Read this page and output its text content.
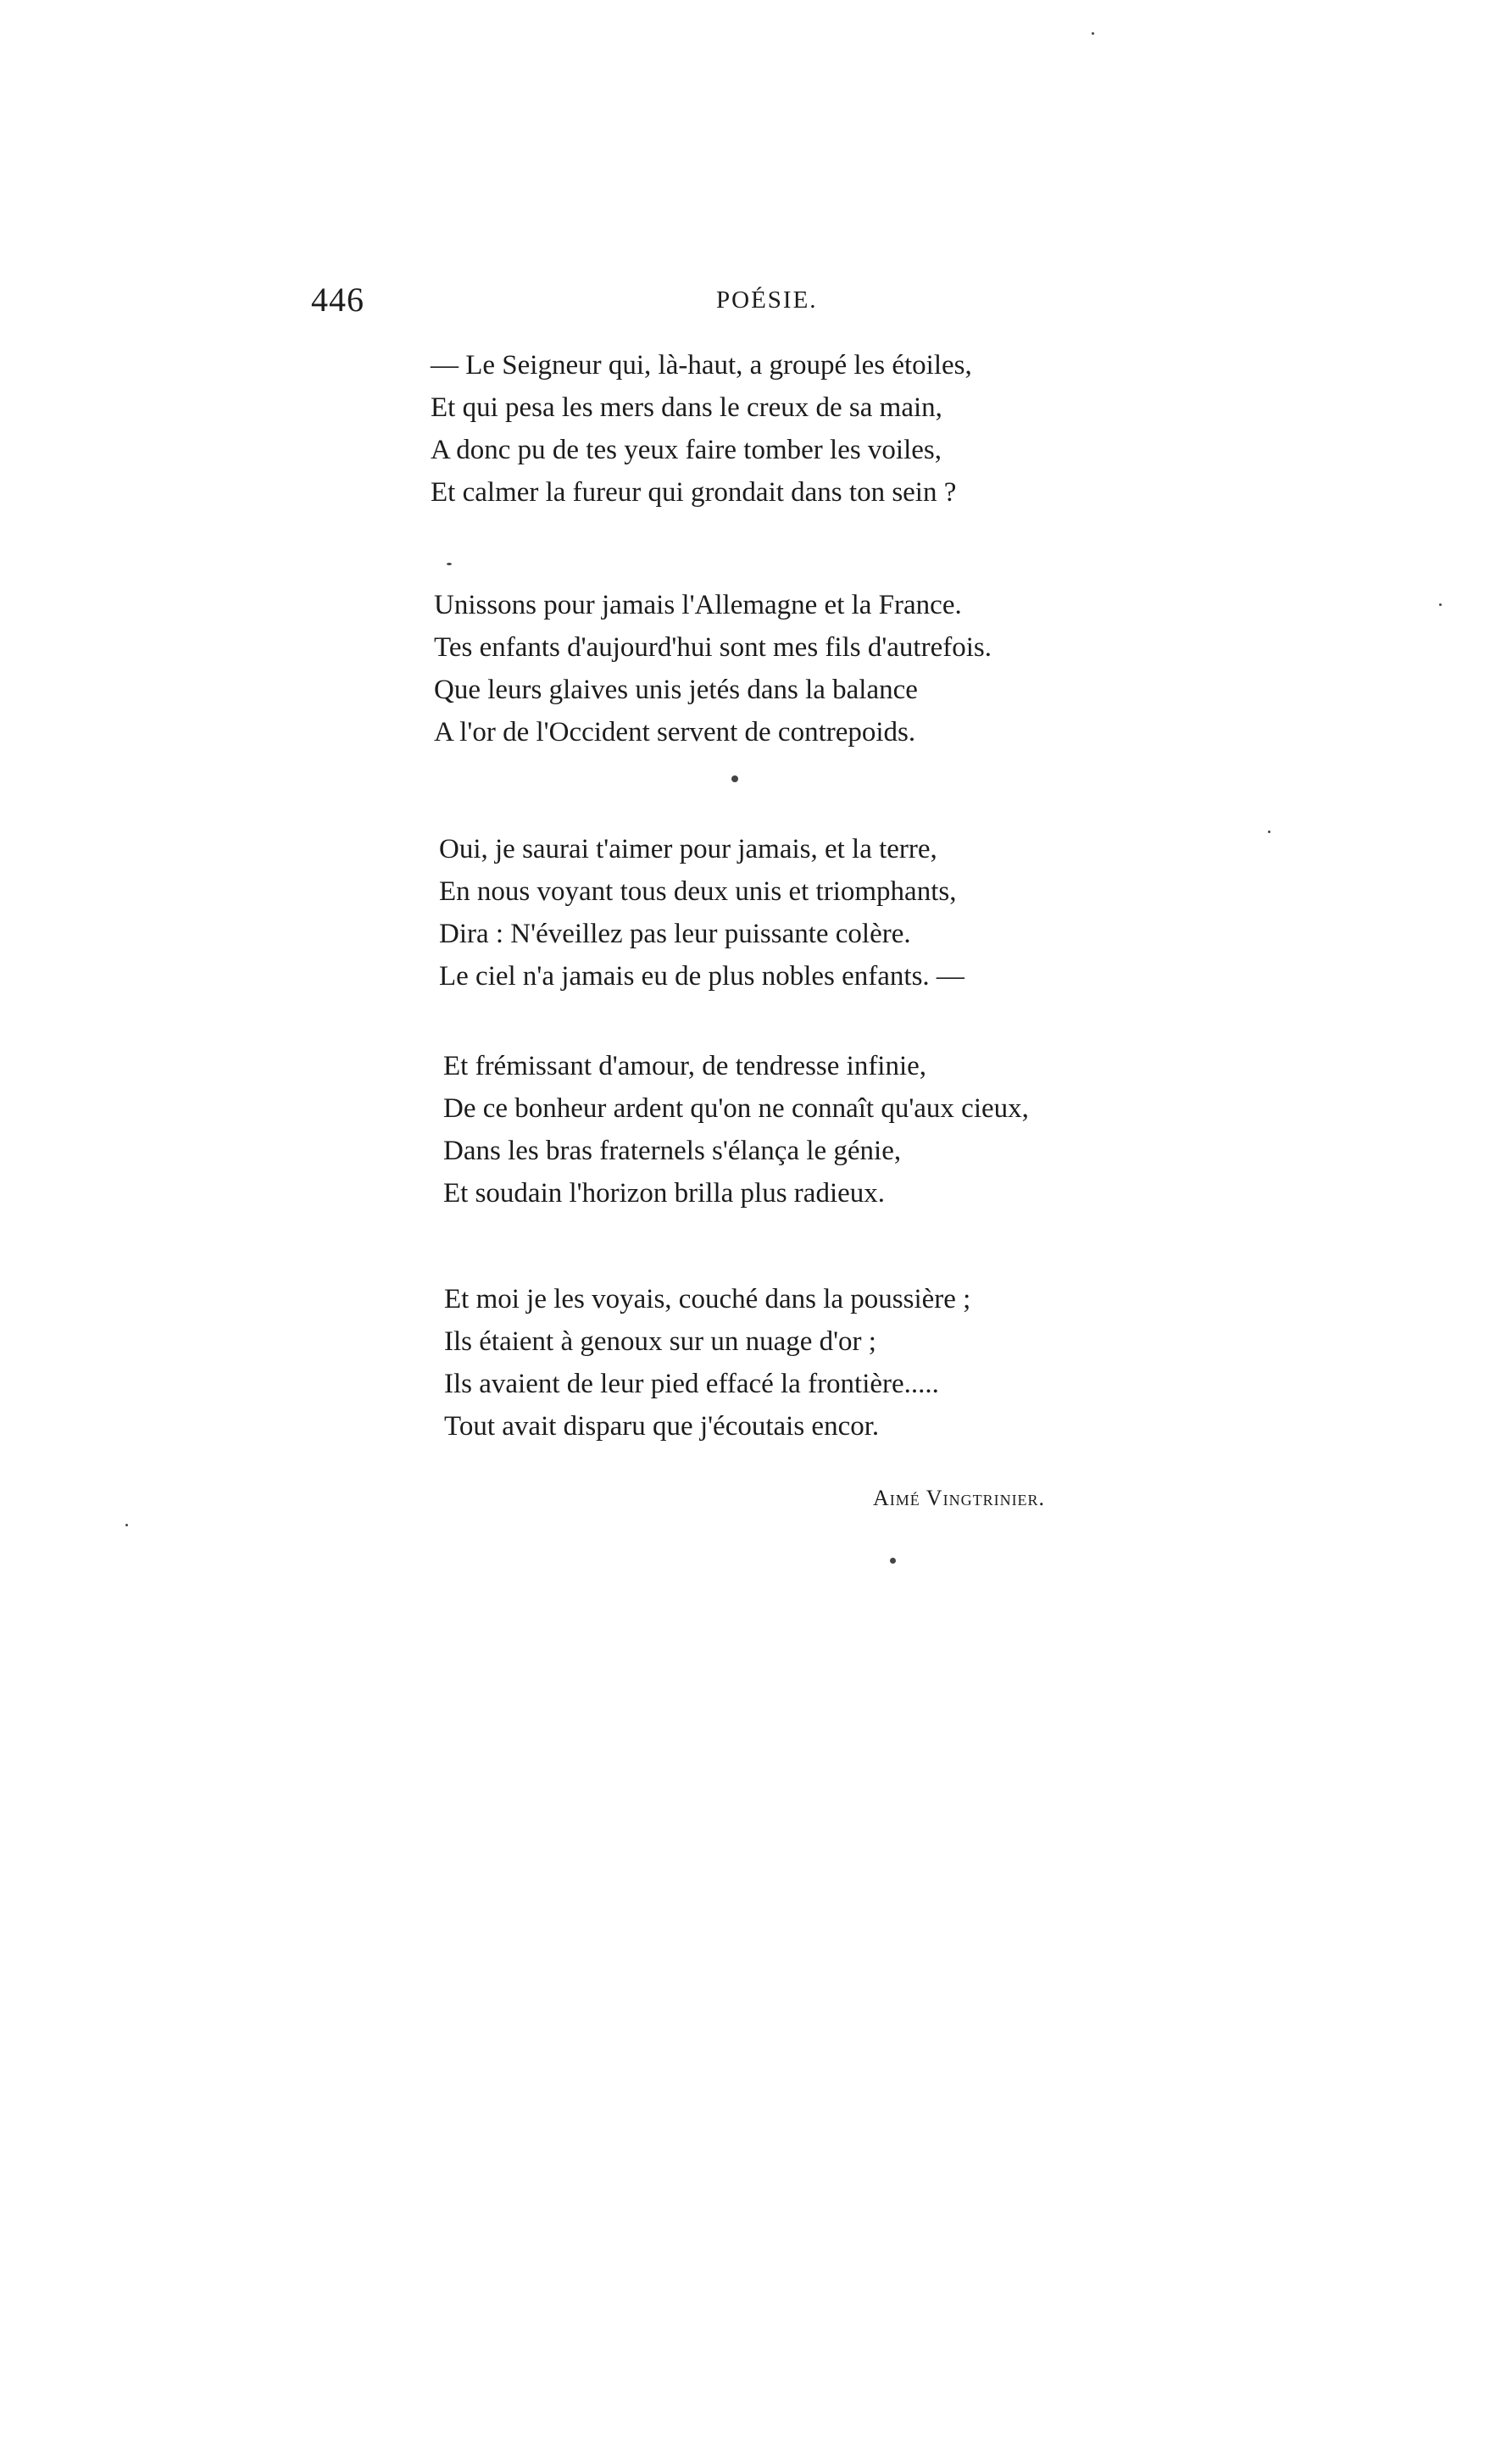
446	POÉSIE.
— Le Seigneur qui, là-haut, a groupé les étoiles,
Et qui pesa les mers dans le creux de sa main,
A donc pu de tes yeux faire tomber les voiles,
Et calmer la fureur qui grondait dans ton sein ?
Unissons pour jamais l'Allemagne et la France.
Tes enfants d'aujourd'hui sont mes fils d'autrefois.
Que leurs glaives unis jetés dans la balance
A l'or de l'Occident servent de contrepoids.
Oui, je saurai t'aimer pour jamais, et la terre,
En nous voyant tous deux unis et triomphants,
Dira : N'éveillez pas leur puissante colère.
Le ciel n'a jamais eu de plus nobles enfants. —
Et frémissant d'amour, de tendresse infinie,
De ce bonheur ardent qu'on ne connaît qu'aux cieux,
Dans les bras fraternels s'élança le génie,
Et soudain l'horizon brilla plus radieux.
Et moi je les voyais, couché dans la poussière ;
Ils étaient à genoux sur un nuage d'or ;
Ils avaient de leur pied effacé la frontière.....
Tout avait disparu que j'écoutais encor.
Aimé Vingtrinier.
